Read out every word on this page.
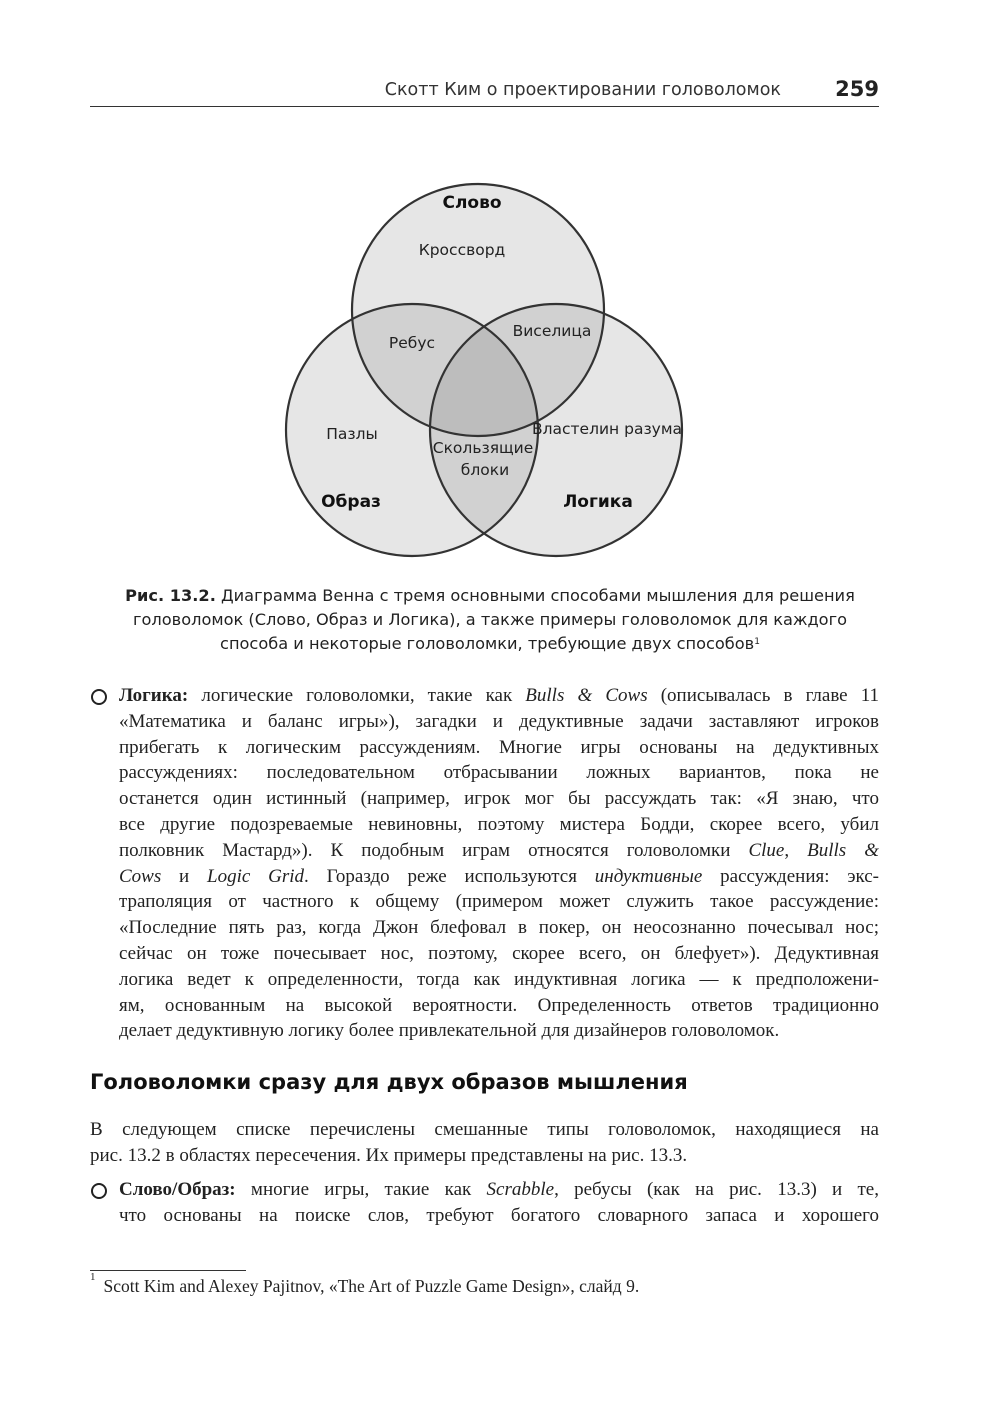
Скотт Ким о проектировании головоломок	259
Слово
Кроссворд
Ребус
Виселица
Пазлы
Скользящие
блоки
Властелин разума
Образ	Логика
Рис. 13.2. Диаграмма Венна с тремя основными способами мышления для решения
головоломок (Слово, Образ и Логика), а также примеры головоломок для каждого
способа и некоторые головоломки, требующие двух способов$^1$
Логика: логические головоломки, такие как Bulls & Cows (описывалась в главе 11
«Математика и баланс игры»), загадки и дедуктивные задачи заставляют игроков
прибегать к логическим рассуждениям. Многие игры основаны на дедуктивных
рассуждениях: последовательном отбрасывании ложных вариантов, пока не
останется один истинный (например, игрок мог бы рассуждать так: «Я знаю, что
все другие подозреваемые невиновны, поэтому мистера Бодди, скорее всего, убил
полковник Мастард»). К подобным играм относятся головоломки Clue, Bulls &
Cows и Logic Grid. Гораздо реже используются индуктивные рассуждения: экс-
траполяция от частного к общему (примером может служить такое рассуждение:
«Последние пять раз, когда Джон блефовал в покер, он неосознанно почесывал нос;
сейчас он тоже почесывает нос, поэтому, скорее всего, он блефует»). Дедуктивная
логика ведет к определенности, тогда как индуктивная логика — к предположени-
ям, основанным на высокой вероятности. Определенность ответов традиционно
делает дедуктивную логику более привлекательной для дизайнеров головоломок.
Головоломки сразу для двух образов мышления
В следующем списке перечислены смешанные типы головоломок, находящиеся на
рис. 13.2 в областях пересечения. Их примеры представлены на рис. 13.3.
Слово/Образ: многие игры, такие как Scrabble, ребусы (как на рис. 13.3) и те,
что основаны на поиске слов, требуют богатого словарного запаса и хорошего
$^1$ Scott Kim and Alexey Pajitnov, «The Art of Puzzle Game Design», слайд 9.
